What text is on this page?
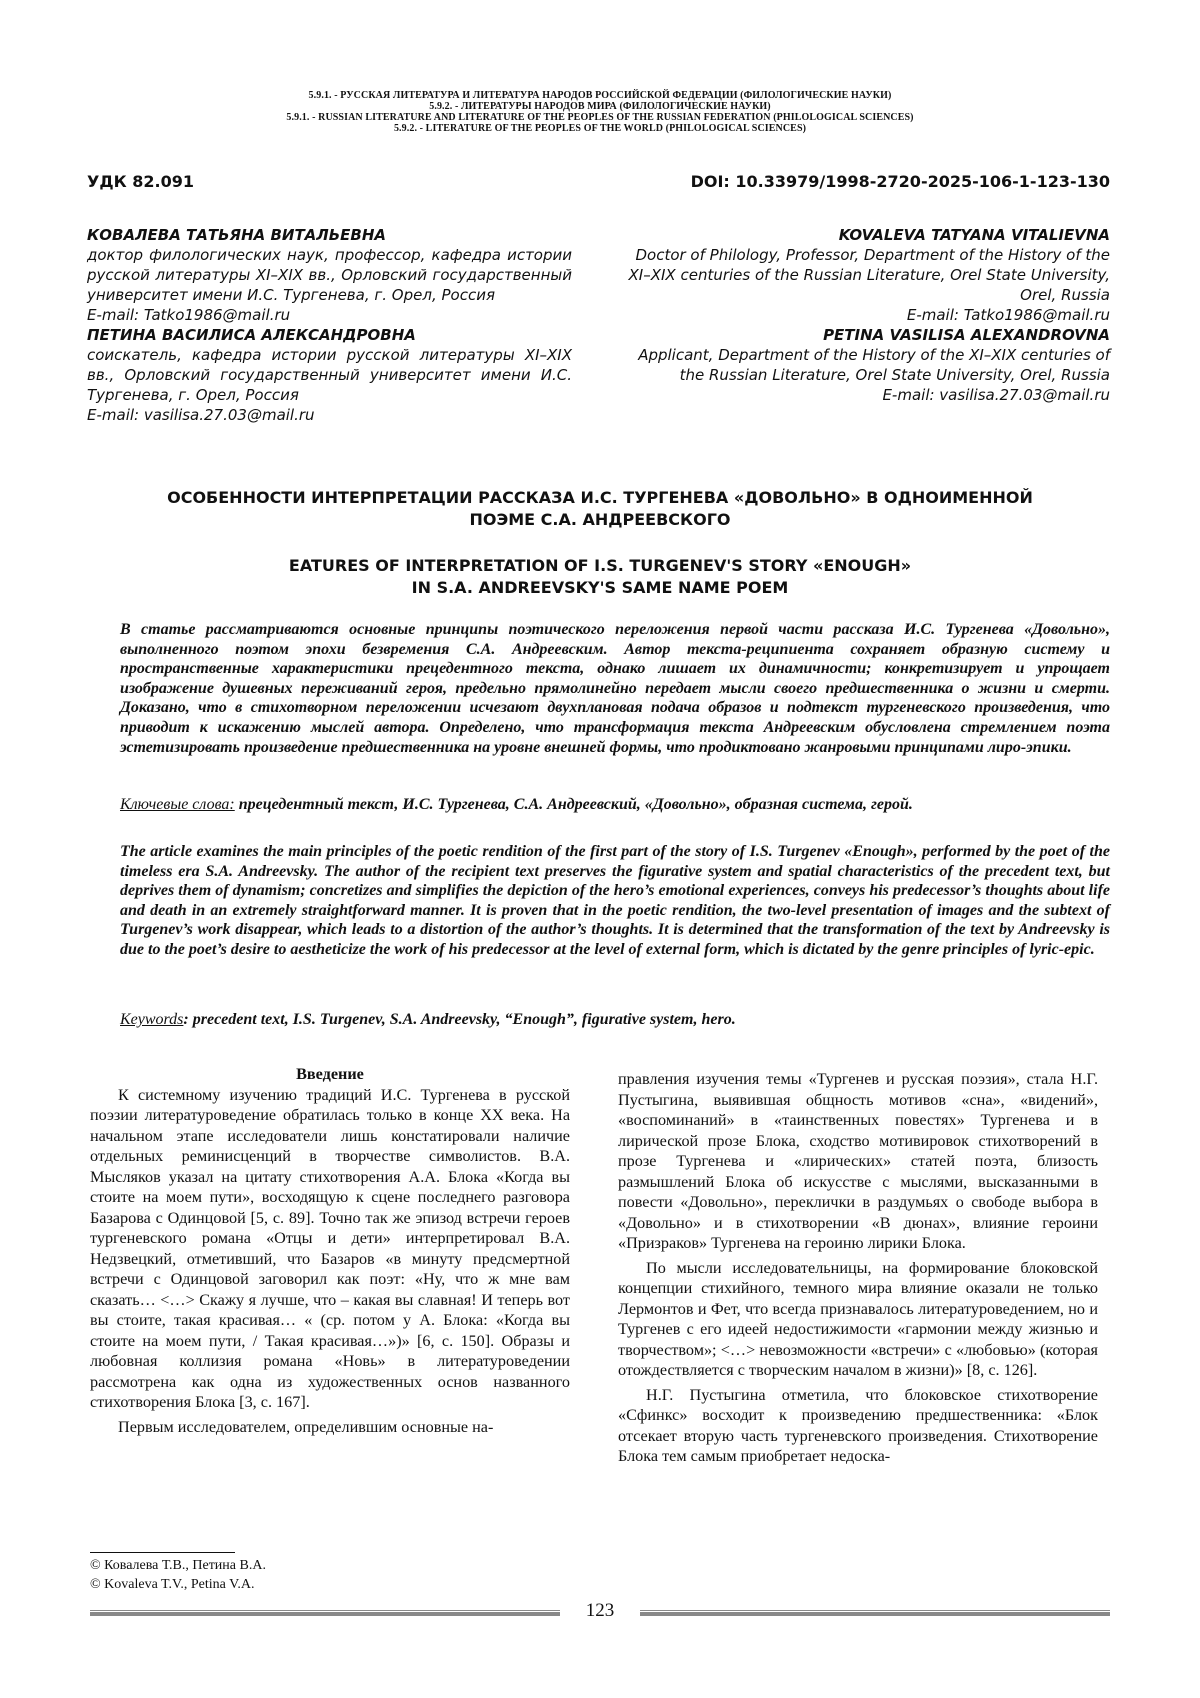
5.9.1. - РУССКАЯ ЛИТЕРАТУРА И ЛИТЕРАТУРА НАРОДОВ РОССИЙСКОЙ ФЕДЕРАЦИИ (ФИЛОЛОГИЧЕСКИЕ НАУКИ)
5.9.2. - ЛИТЕРАТУРЫ НАРОДОВ МИРА (ФИЛОЛОГИЧЕСКИЕ НАУКИ)
5.9.1. - RUSSIAN LITERATURE AND LITERATURE OF THE PEOPLES OF THE RUSSIAN FEDERATION (PHILOLOGICAL SCIENCES)
5.9.2. - LITERATURE OF THE PEOPLES OF THE WORLD (PHILOLOGICAL SCIENCES)
УДК 82.091	DOI: 10.33979/1998-2720-2025-106-1-123-130
КОВАЛЕВА ТАТЬЯНА ВИТАЛЬЕВНА
доктор филологических наук, профессор, кафедра истории русской литературы XI–XIX вв., Орловский государственный университет имени И.С. Тургенева, г. Орел, Россия
E-mail: Tatko1986@mail.ru
ПЕТИНА ВАСИЛИСА АЛЕКСАНДРОВНА
соискатель, кафедра истории русской литературы XI–XIX вв., Орловский государственный университет имени И.С. Тургенева, г. Орел, Россия
E-mail: vasilisa.27.03@mail.ru
KOVALEVA TATYANA VITALIEVNA
Doctor of Philology, Professor, Department of the History of the XI–XIX centuries of the Russian Literature, Orel State University, Orel, Russia
E-mail: Tatko1986@mail.ru
PETINA VASILISA ALEXANDROVNA
Applicant, Department of the History of the XI–XIX centuries of the Russian Literature, Orel State University, Orel, Russia
E-mail: vasilisa.27.03@mail.ru
ОСОБЕННОСТИ ИНТЕРПРЕТАЦИИ РАССКАЗА И.С. ТУРГЕНЕВА «ДОВОЛЬНО» В ОДНОИМЕННОЙ
ПОЭМЕ С.А. АНДРЕЕВСКОГО
EATURES OF INTERPRETATION OF I.S. TURGENEV'S STORY «ENOUGH»
IN S.A. ANDREEVSKY'S SAME NAME POEM
В статье рассматриваются основные принципы поэтического переложения первой части рассказа И.С. Тургенева «Довольно», выполненного поэтом эпохи безвремения С.А. Андреевским. Автор текста-реципиента сохраняет образную систему и пространственные характеристики прецедентного текста, однако лишает их динамичности; конкретизирует и упрощает изображение душевных переживаний героя, предельно прямолинейно передает мысли своего предшественника о жизни и смерти. Доказано, что в стихотворном переложении исчезают двухплановая подача образов и подтекст тургеневского произведения, что приводит к искажению мыслей автора. Определено, что трансформация текста Андреевским обусловлена стремлением поэта эстетизировать произведение предшественника на уровне внешней формы, что продиктовано жанровыми принципами лиро-эпики.
Ключевые слова: прецедентный текст, И.С. Тургенева, С.А. Андреевский, «Довольно», образная система, герой.
The article examines the main principles of the poetic rendition of the first part of the story of I.S. Turgenev «Enough», performed by the poet of the timeless era S.A. Andreevsky. The author of the recipient text preserves the figurative system and spatial characteristics of the precedent text, but deprives them of dynamism; concretizes and simplifies the depiction of the hero’s emotional experiences, conveys his predecessor’s thoughts about life and death in an extremely straightforward manner. It is proven that in the poetic rendition, the two-level presentation of images and the subtext of Turgenev’s work disappear, which leads to a distortion of the author’s thoughts. It is determined that the transformation of the text by Andreevsky is due to the poet’s desire to aestheticize the work of his predecessor at the level of external form, which is dictated by the genre principles of lyric-epic.
Keywords: precedent text, I.S. Turgenev, S.A. Andreevsky, “Enough”, figurative system, hero.

Введение

К системному изучению традиций И.С. Тургенева в русской поэзии литературоведение обратилась только в конце XX века. На начальном этапе исследователи лишь констатировали наличие отдельных реминисценций в творчестве символистов. В.А. Мысляков указал на цитату стихотворения А.А. Блока «Когда вы стоите на моем пути», восходящую к сцене последнего разговора Базарова с Одинцовой [5, с. 89]. Точно так же эпизод встречи героев тургеневского романа «Отцы и дети» интерпретировал В.А. Недзвецкий, отметивший, что Базаров «в минуту предсмертной встречи с Одинцовой заговорил как поэт: «Ну, что ж мне вам сказать… <…> Скажу я лучше, что – какая вы славная! И теперь вот вы стоите, такая красивая… « (ср. потом у А. Блока: «Когда вы стоите на моем пути, / Такая красивая…»)» [6, с. 150]. Образы и любовная коллизия романа «Новь» в литературоведении рассмотрена как одна из художественных основ названного стихотворения Блока [3, с. 167].

Первым исследователем, определившим основные на-

правления изучения темы «Тургенев и русская поэзия», стала Н.Г. Пустыгина, выявившая общность мотивов «сна», «видений», «воспоминаний» в «таинственных повестях» Тургенева и в лирической прозе Блока, сходство мотивировок стихотворений в прозе Тургенева и «лирических» статей поэта, близость размышлений Блока об искусстве с мыслями, высказанными в повести «Довольно», переклички в раздумьях о свободе выбора в «Довольно» и в стихотворении «В дюнах», влияние героини «Призраков» Тургенева на героиню лирики Блока.

По мысли исследовательницы, на формирование блоковской концепции стихийного, темного мира влияние оказали не только Лермонтов и Фет, что всегда признавалось литературоведением, но и Тургенев с его идеей недостижимости «гармонии между жизнью и творчеством»; <…> невозможности «встречи» с «любовью» (которая отождествляется с творческим началом в жизни)» [8, с. 126].

Н.Г. Пустыгина отметила, что блоковское стихотворение «Сфинкс» восходит к произведению предшественника: «Блок отсекает вторую часть тургеневского произведения. Стихотворение Блока тем самым приобретает недоска-

© Ковалева Т.В., Петина В.А.
© Kovaleva T.V., Petina V.A.
123
